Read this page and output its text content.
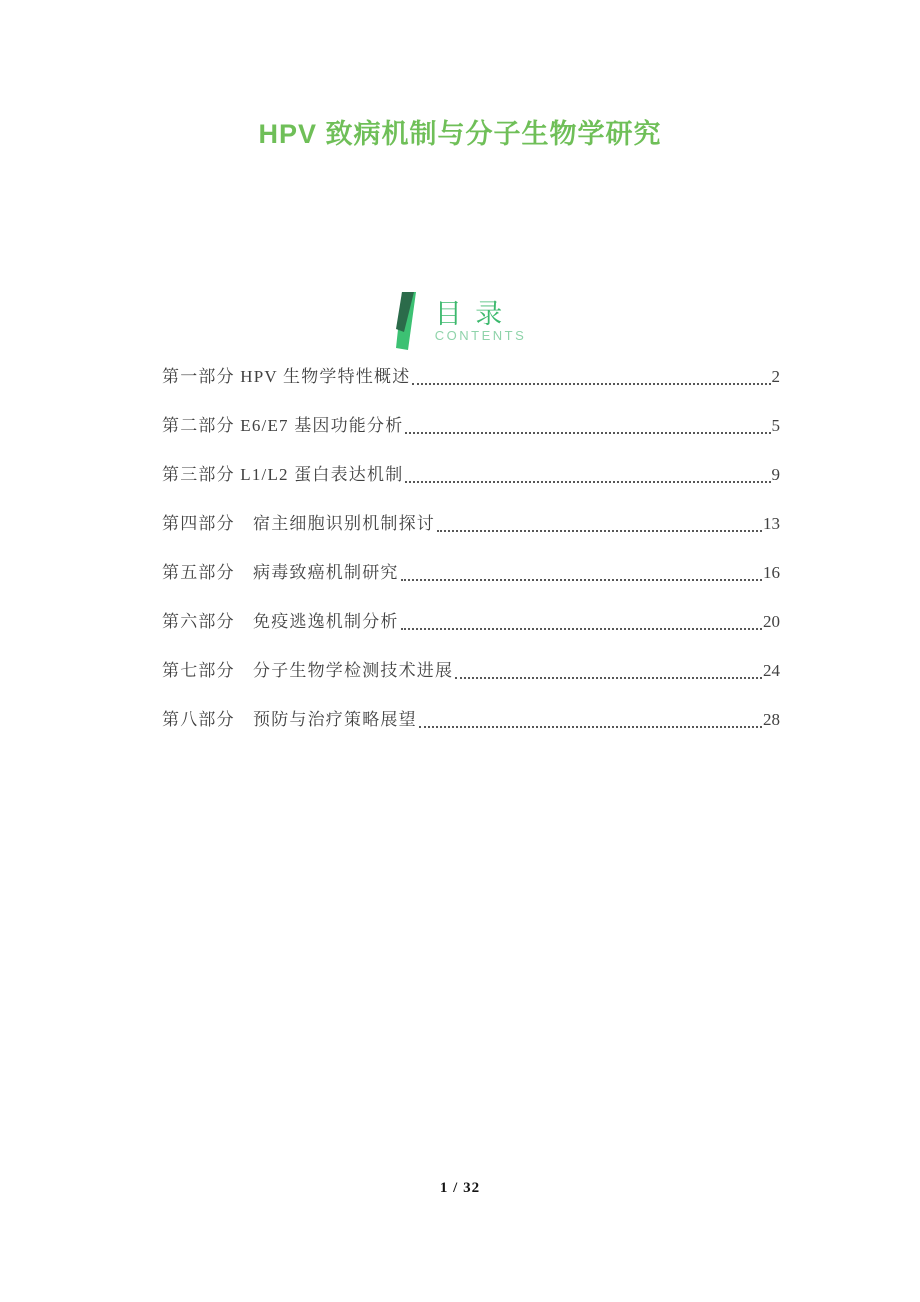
HPV 致病机制与分子生物学研究
目 录
CONTENTS
第一部分 HPV 生物学特性概述	2
第二部分 E6/E7 基因功能分析	5
第三部分 L1/L2 蛋白表达机制	9
第四部分　宿主细胞识别机制探讨	13
第五部分　病毒致癌机制研究	16
第六部分　免疫逃逸机制分析	20
第七部分　分子生物学检测技术进展	24
第八部分　预防与治疗策略展望	28
1 / 32
